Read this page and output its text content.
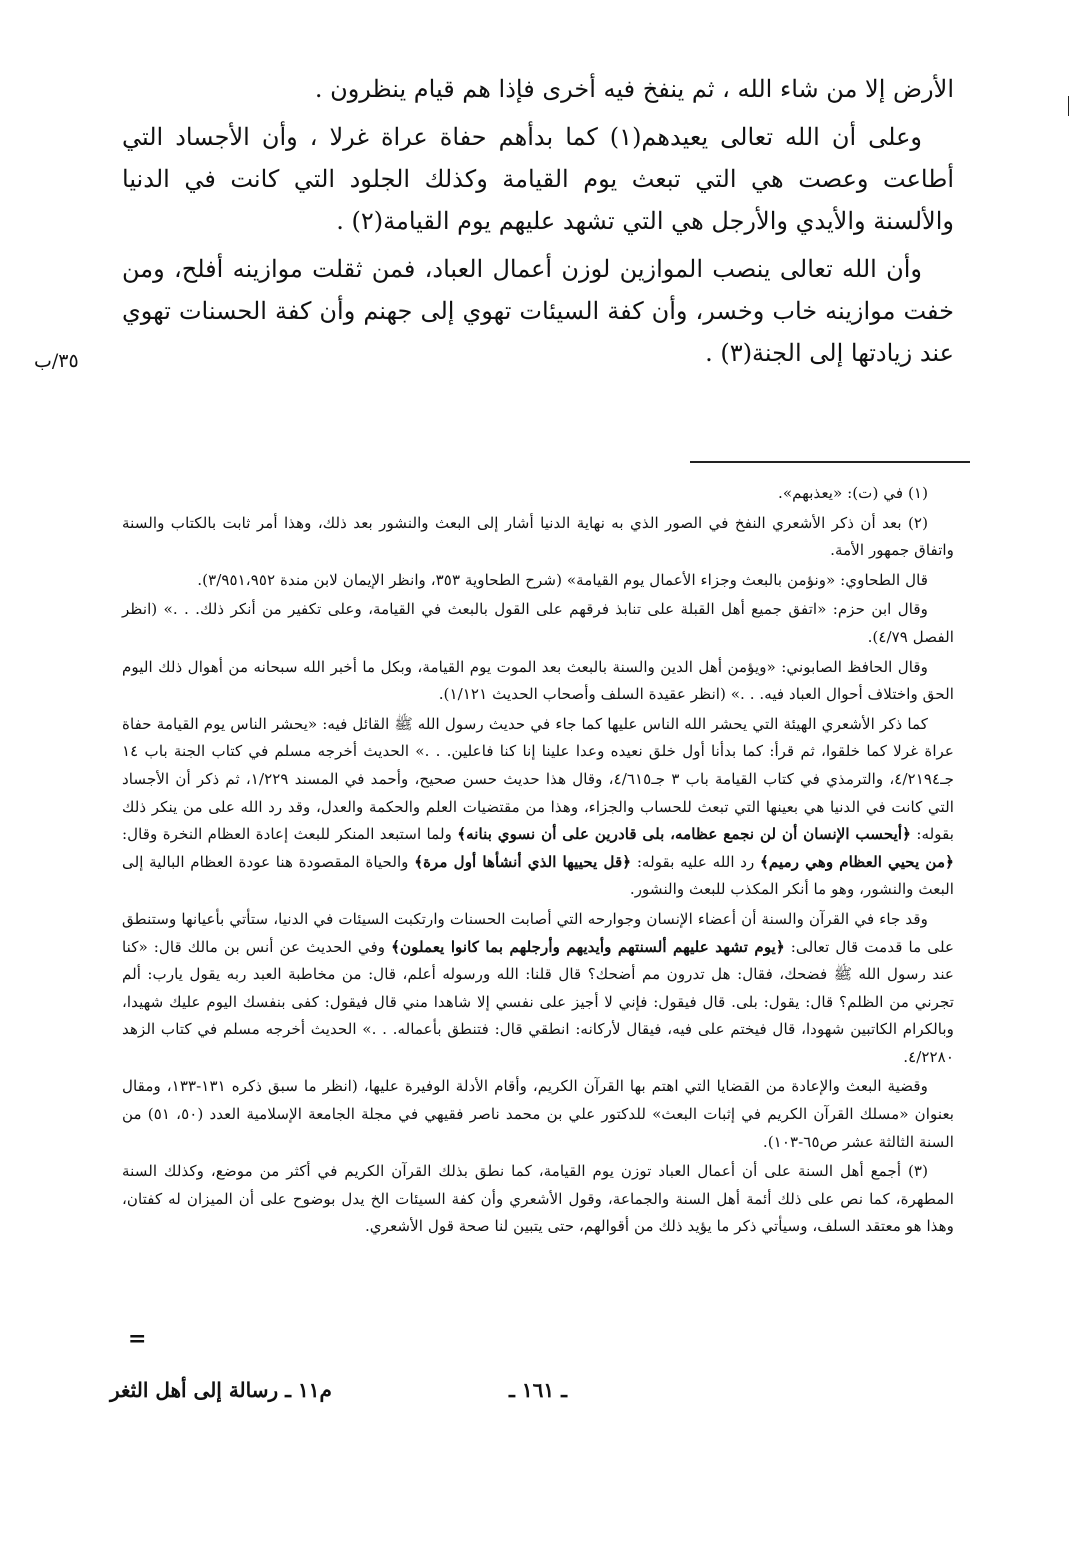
٣٥/ب

الأرض إلا من شاء الله ، ثم ينفخ فيه أخرى فإذا هم قيام ينظرون .

وعلى أن الله تعالى يعيدهم(١) كما بدأهم حفاة عراة غرلا ، وأن الأجساد التي أطاعت وعصت هي التي تبعث يوم القيامة وكذلك الجلود التي كانت في الدنيا والألسنة والأيدي والأرجل هي التي تشهد عليهم يوم القيامة(٢) .

وأن الله تعالى ينصب الموازين لوزن أعمال العباد، فمن ثقلت موازينه أفلح، ومن خفت موازينه خاب وخسر، وأن كفة السيئات تهوي إلى جهنم وأن كفة الحسنات تهوي عند زيادتها إلى الجنة(٣) .

(١) في (ت): «يعذبهم».

(٢) بعد أن ذكر الأشعري النفخ في الصور الذي به نهاية الدنيا أشار إلى البعث والنشور بعد ذلك، وهذا أمر ثابت بالكتاب والسنة واتفاق جمهور الأمة.

قال الطحاوي: «ونؤمن بالبعث وجزاء الأعمال يوم القيامة» (شرح الطحاوية ٣٥٣، وانظر الإيمان لابن مندة ٣/٩٥١،٩٥٢).

وقال ابن حزم: «اتفق جميع أهل القبلة على تنابذ فرقهم على القول بالبعث في القيامة، وعلى تكفير من أنكر ذلك. . .» (انظر الفصل ٤/٧٩).

وقال الحافظ الصابوني: «ويؤمن أهل الدين والسنة بالبعث بعد الموت يوم القيامة، وبكل ما أخبر الله سبحانه من أهوال ذلك اليوم الحق واختلاف أحوال العباد فيه. . .» (انظر عقيدة السلف وأصحاب الحديث ١/١٢١).

كما ذكر الأشعري الهيئة التي يحشر الله الناس عليها كما جاء في حديث رسول الله ﷺ القائل فيه: «يحشر الناس يوم القيامة حفاة عراة غرلا كما خلقوا، ثم قرأ: كما بدأنا أول خلق نعيده وعدا علينا إنا كنا فاعلين. . .» الحديث أخرجه مسلم في كتاب الجنة باب ١٤ جـ٤/٢١٩٤، والترمذي في كتاب القيامة باب ٣ جـ٤/٦١٥، وقال هذا حديث حسن صحيح، وأحمد في المسند ١/٢٢٩، ثم ذكر أن الأجساد التي كانت في الدنيا هي بعينها التي تبعث للحساب والجزاء، وهذا من مقتضيات العلم والحكمة والعدل، وقد رد الله على من ينكر ذلك بقوله: ﴿أيحسب الإنسان أن لن نجمع عظامه، بلى قادرين على أن نسوي بنانه﴾ ولما استبعد المنكر للبعث إعادة العظام النخرة وقال: ﴿من يحيي العظام وهي رميم﴾ رد الله عليه بقوله: ﴿قل يحييها الذي أنشأها أول مرة﴾ والحياة المقصودة هنا عودة العظام البالية إلى البعث والنشور، وهو ما أنكر المكذب للبعث والنشور.

وقد جاء في القرآن والسنة أن أعضاء الإنسان وجوارحه التي أصابت الحسنات وارتكبت السيئات في الدنيا، ستأتي بأعيانها وستنطق على ما قدمت قال تعالى: ﴿يوم تشهد عليهم ألسنتهم وأيديهم وأرجلهم بما كانوا يعملون﴾ وفي الحديث عن أنس بن مالك قال: «كنا عند رسول الله ﷺ فضحك، فقال: هل تدرون مم أضحك؟ قال قلنا: الله ورسوله أعلم، قال: من مخاطبة العبد ربه يقول يارب: ألم تجرني من الظلم؟ قال: يقول: بلى. قال فيقول: فإني لا أجيز على نفسي إلا شاهدا مني قال فيقول: كفى بنفسك اليوم عليك شهيدا، وبالكرام الكاتبين شهودا، قال فيختم على فيه، فيقال لأركانه: انطقي قال: فتنطق بأعماله. . .» الحديث أخرجه مسلم في كتاب الزهد ٤/٢٢٨٠.

وقضية البعث والإعادة من القضايا التي اهتم بها القرآن الكريم، وأقام الأدلة الوفيرة عليها، (انظر ما سبق ذكره ١٣١-١٣٣، ومقال بعنوان «مسلك القرآن الكريم في إثبات البعث» للدكتور علي بن محمد ناصر فقيهي في مجلة الجامعة الإسلامية العدد (٥٠، ٥١) من السنة الثالثة عشر ص٦٥-١٠٣).

(٣) أجمع أهل السنة على أن أعمال العباد توزن يوم القيامة، كما نطق بذلك القرآن الكريم في أكثر من موضع، وكذلك السنة المطهرة، كما نص على ذلك أئمة أهل السنة والجماعة، وقول الأشعري وأن كفة السيئات الخ يدل بوضوح على أن الميزان له كفتان، وهذا هو معتقد السلف، وسيأتي ذكر ما يؤيد ذلك من أقوالهم، حتى يتبين لنا صحة قول الأشعري.

=
ـ ١٦١ ـ
م١١ ـ رسالة إلى أهل الثغر
